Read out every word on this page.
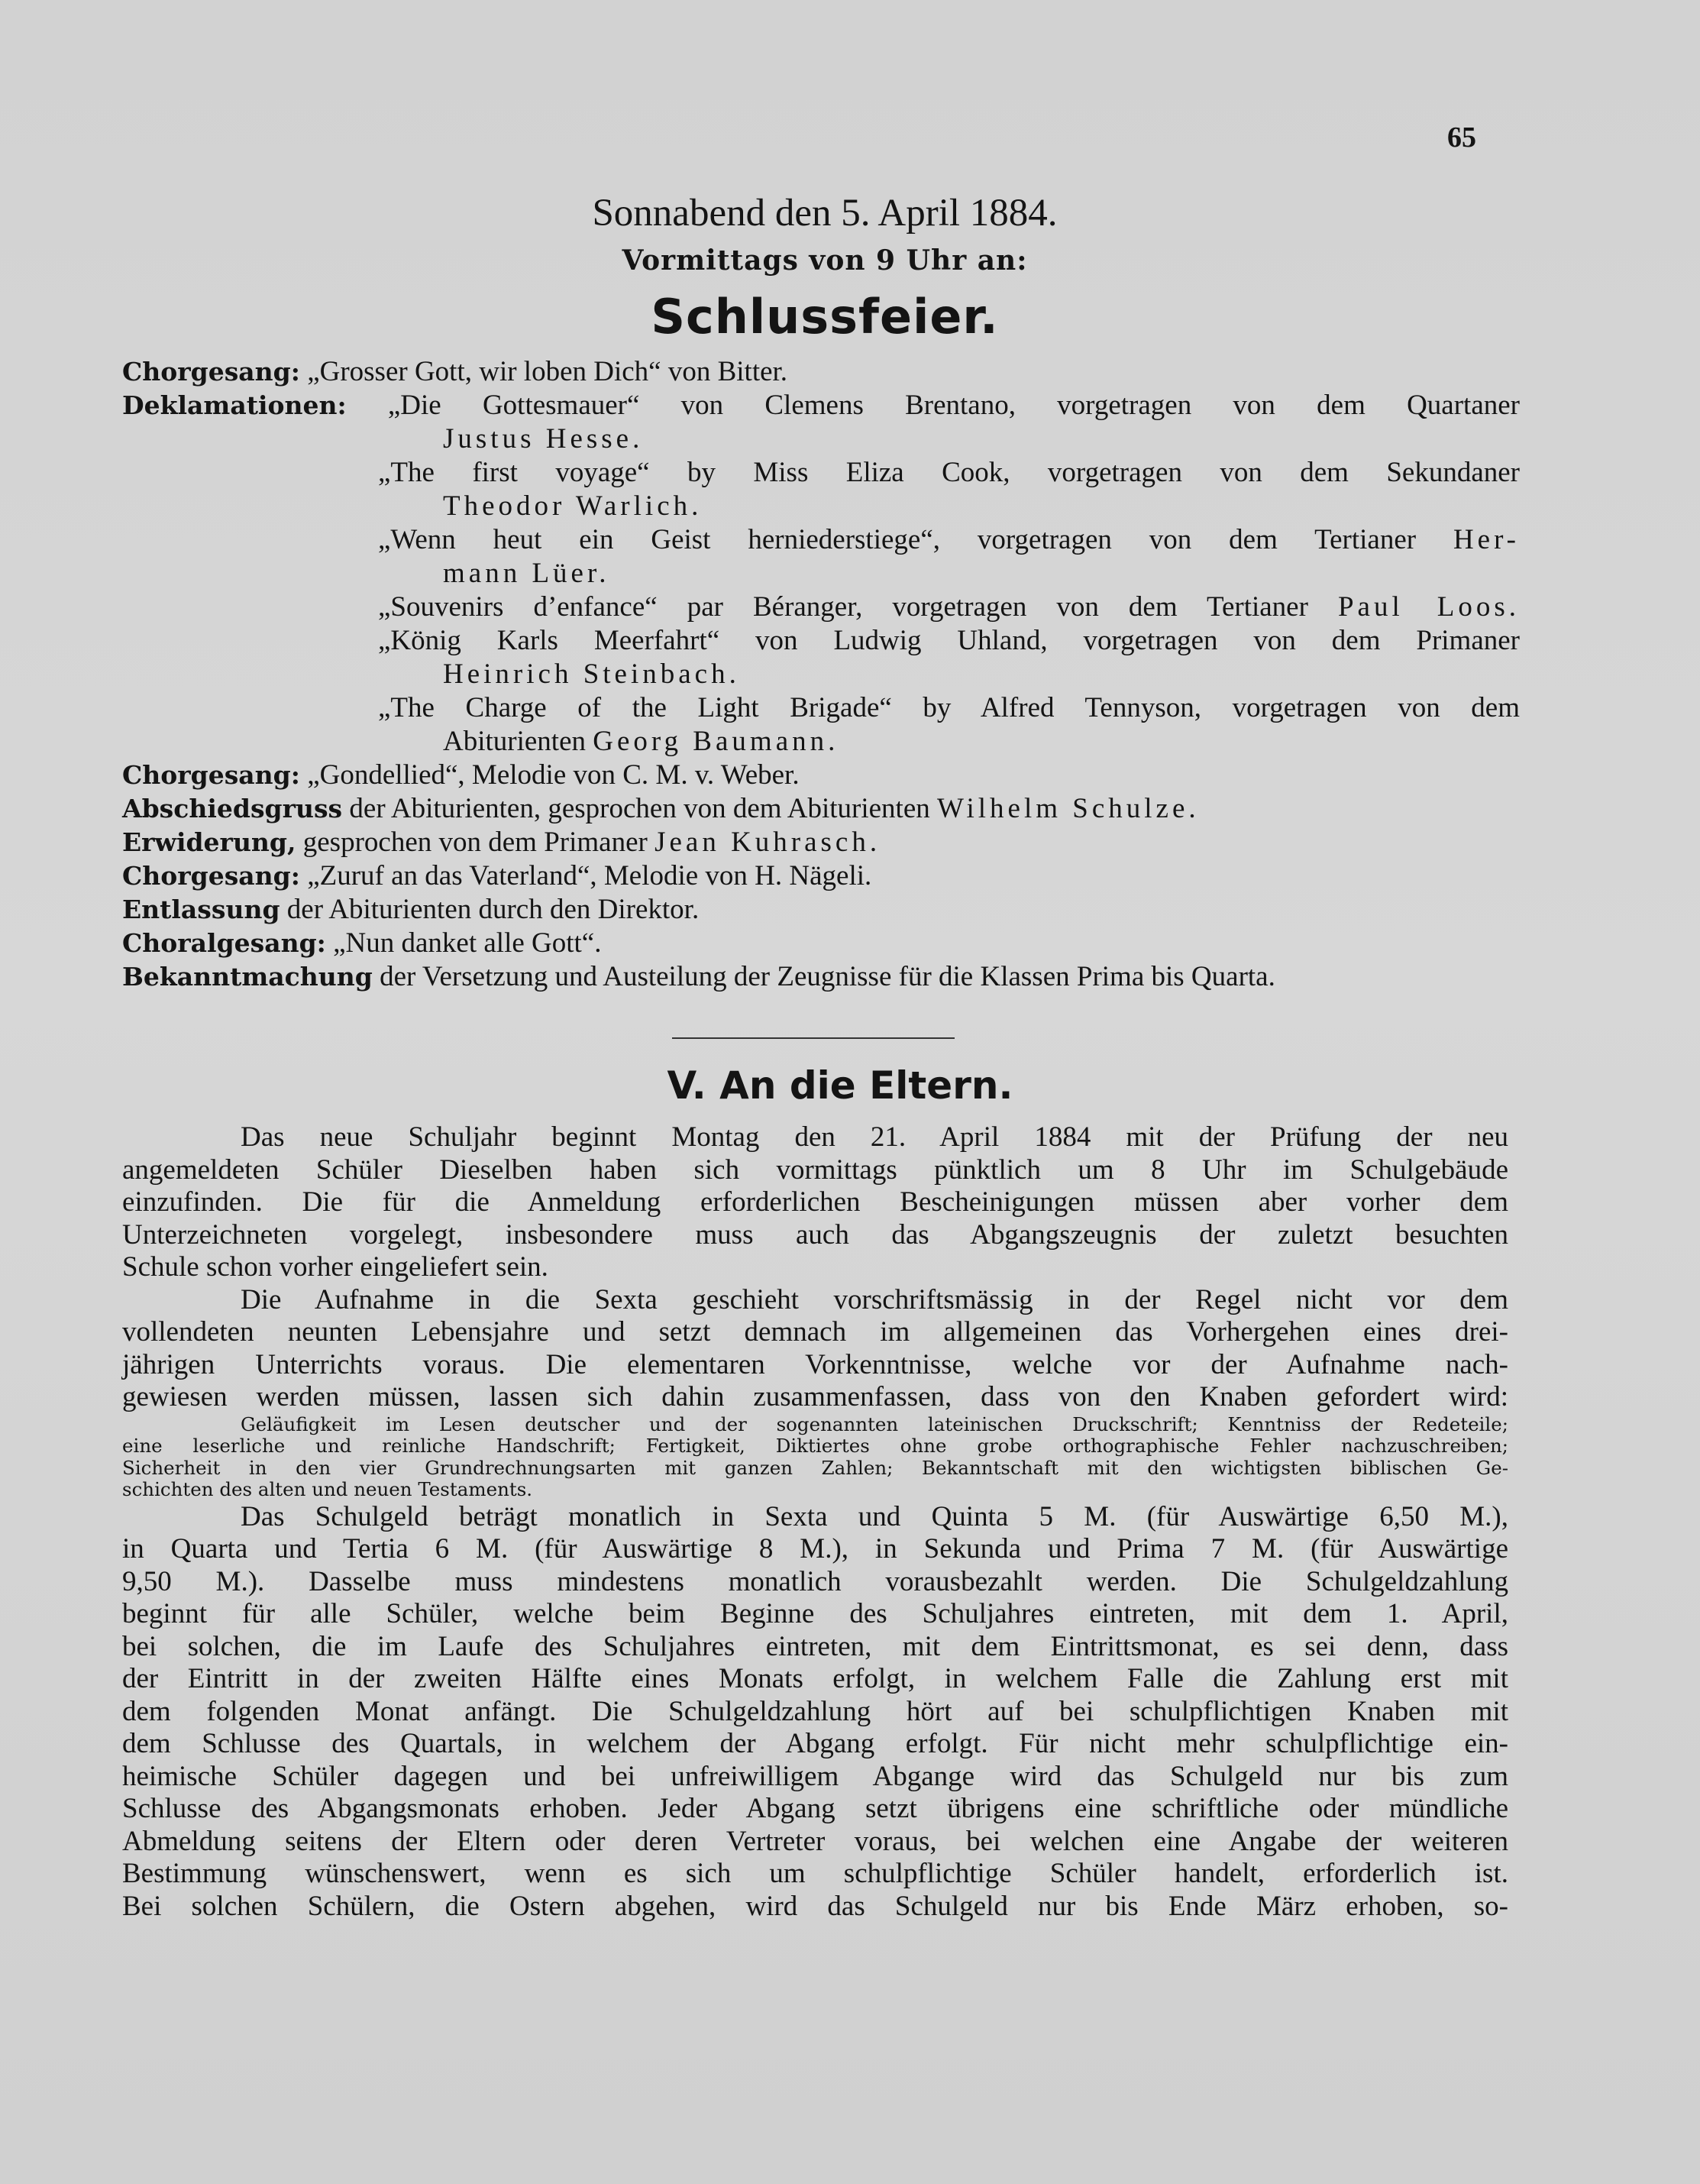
65
Sonnabend den 5. April 1884.
Vormittags von 9 Uhr an:
Schlussfeier.

Chorgesang: „Grosser Gott, wir loben Dich“ von Bitter.

Deklamationen: „Die Gottesmauer“ von Clemens Brentano, vorgetragen von dem Quartaner

Justus Hesse.

„The first voyage“ by Miss Eliza Cook, vorgetragen von dem Sekundaner

Theodor Warlich.

„Wenn heut ein Geist herniederstiege“, vorgetragen von dem Tertianer Her-

mann Lüer.

„Souvenirs d’enfance“ par Béranger, vorgetragen von dem Tertianer Paul Loos.

„König Karls Meerfahrt“ von Ludwig Uhland, vorgetragen von dem Primaner

Heinrich Steinbach.

„The Charge of the Light Brigade“ by Alfred Tennyson, vorgetragen von dem

Abiturienten Georg Baumann.

Chorgesang: „Gondellied“, Melodie von C. M. v. Weber.

Abschiedsgruss der Abiturienten, gesprochen von dem Abiturienten Wilhelm Schulze.

Erwiderung, gesprochen von dem Primaner Jean Kuhrasch.

Chorgesang: „Zuruf an das Vaterland“, Melodie von H. Nägeli.

Entlassung der Abiturienten durch den Direktor.

Choralgesang: „Nun danket alle Gott“.

Bekanntmachung der Versetzung und Austeilung der Zeugnisse für die Klassen Prima bis Quarta.

V. An die Eltern.

Das neue Schuljahr beginnt Montag den 21. April 1884 mit der Prüfung der neu

angemeldeten Schüler Dieselben haben sich vormittags pünktlich um 8 Uhr im Schulgebäude

einzufinden. Die für die Anmeldung erforderlichen Bescheinigungen müssen aber vorher dem

Unterzeichneten vorgelegt, insbesondere muss auch das Abgangszeugnis der zuletzt besuchten

Schule schon vorher eingeliefert sein.

Die Aufnahme in die Sexta geschieht vorschriftsmässig in der Regel nicht vor dem

vollendeten neunten Lebensjahre und setzt demnach im allgemeinen das Vorhergehen eines drei-

jährigen Unterrichts voraus. Die elementaren Vorkenntnisse, welche vor der Aufnahme nach-

gewiesen werden müssen, lassen sich dahin zusammenfassen, dass von den Knaben gefordert wird:

Geläufigkeit im Lesen deutscher und der sogenannten lateinischen Druckschrift; Kenntniss der Redeteile;

eine leserliche und reinliche Handschrift; Fertigkeit, Diktiertes ohne grobe orthographische Fehler nachzuschreiben;

Sicherheit in den vier Grundrechnungsarten mit ganzen Zahlen; Bekanntschaft mit den wichtigsten biblischen Ge-

schichten des alten und neuen Testaments.

Das Schulgeld beträgt monatlich in Sexta und Quinta 5 M. (für Auswärtige 6,50 M.),

in Quarta und Tertia 6 M. (für Auswärtige 8 M.), in Sekunda und Prima 7 M. (für Auswärtige

9,50 M.). Dasselbe muss mindestens monatlich vorausbezahlt werden. Die Schulgeldzahlung

beginnt für alle Schüler, welche beim Beginne des Schuljahres eintreten, mit dem 1. April,

bei solchen, die im Laufe des Schuljahres eintreten, mit dem Eintrittsmonat, es sei denn, dass

der Eintritt in der zweiten Hälfte eines Monats erfolgt, in welchem Falle die Zahlung erst mit

dem folgenden Monat anfängt. Die Schulgeldzahlung hört auf bei schulpflichtigen Knaben mit

dem Schlusse des Quartals, in welchem der Abgang erfolgt. Für nicht mehr schulpflichtige ein-

heimische Schüler dagegen und bei unfreiwilligem Abgange wird das Schulgeld nur bis zum

Schlusse des Abgangsmonats erhoben. Jeder Abgang setzt übrigens eine schriftliche oder mündliche

Abmeldung seitens der Eltern oder deren Vertreter voraus, bei welchen eine Angabe der weiteren

Bestimmung wünschenswert, wenn es sich um schulpflichtige Schüler handelt, erforderlich ist.

Bei solchen Schülern, die Ostern abgehen, wird das Schulgeld nur bis Ende März erhoben, so-
